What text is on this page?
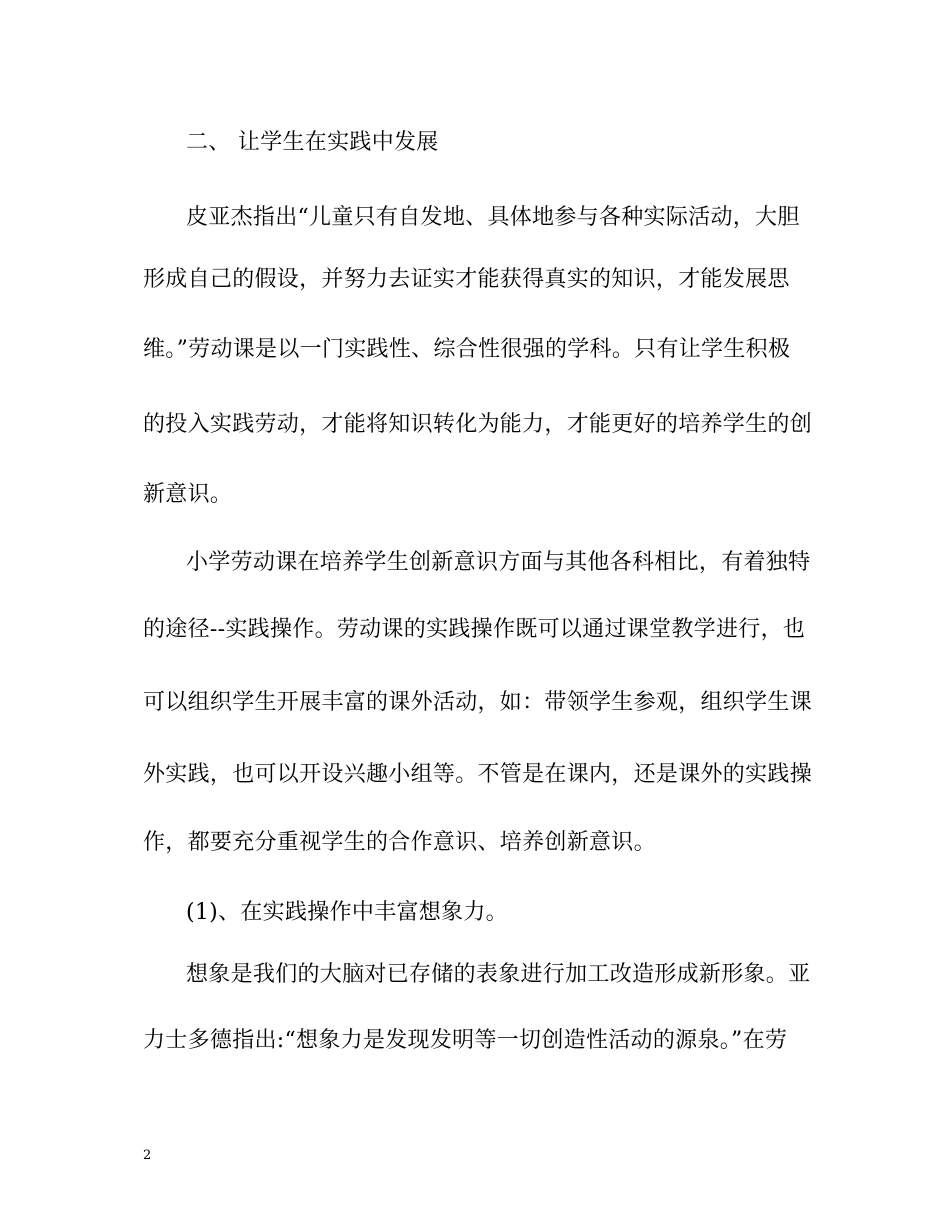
二、 让学生在实践中发展
皮亚杰指出“儿童只有自发地、具体地参与各种实际活动，大胆
形成自己的假设，并努力去证实才能获得真实的知识，才能发展思
维。”劳动课是以一门实践性、综合性很强的学科。只有让学生积极
的投入实践劳动，才能将知识转化为能力，才能更好的培养学生的创
新意识。
小学劳动课在培养学生创新意识方面与其他各科相比，有着独特
的途径--实践操作。劳动课的实践操作既可以通过课堂教学进行，也
可以组织学生开展丰富的课外活动，如：带领学生参观，组织学生课
外实践，也可以开设兴趣小组等。不管是在课内，还是课外的实践操
作，都要充分重视学生的合作意识、培养创新意识。
(1)、在实践操作中丰富想象力。
想象是我们的大脑对已存储的表象进行加工改造形成新形象。亚
力士多德指出:“想象力是发现发明等一切创造性活动的源泉。”在劳
2
